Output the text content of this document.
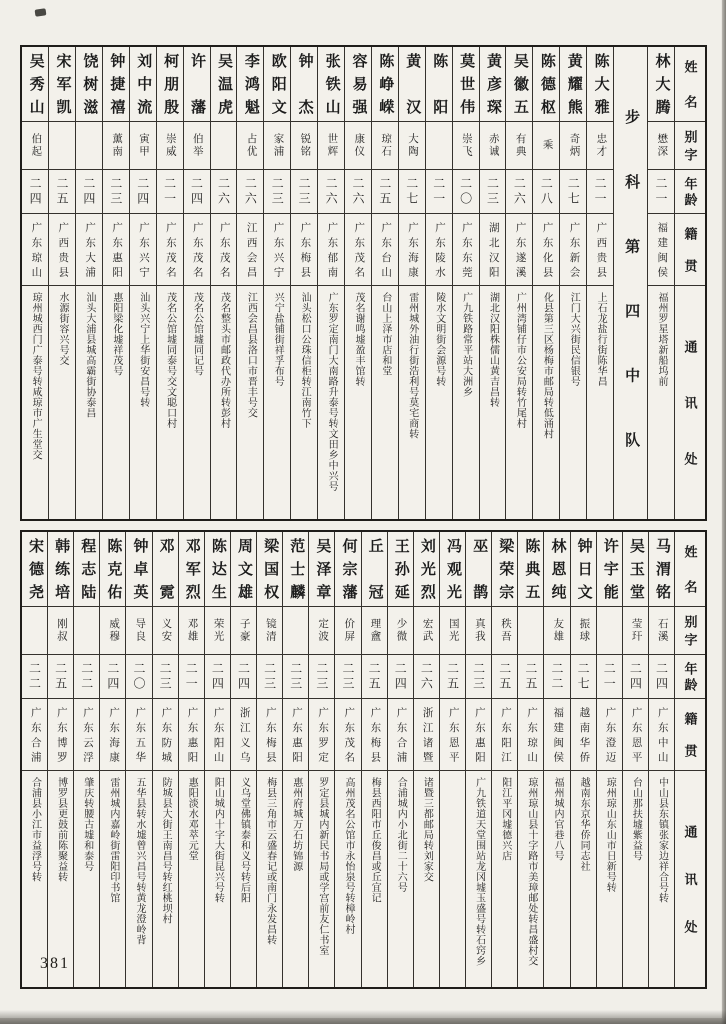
姓名
别字
年龄
籍贯
通讯处
林大腾
懋深
二一
福建闽侯
福州罗星塔新船坞前
步科第四中队
陈大雅
忠才
二一
广西贵县
上石龙盐行街陈华昌
黄耀熊
奇炳
二七
广东新会
江门大兴街民信银号
陈德枢
乘
二八
广东化县
化县第三区杨梅市邮局转低涌村
吴徽五
有典
二六
广东遂溪
广州湾铺仔市公安局转竹尾村
黄彦琛
赤诚
二三
湖北汉阳
湖北汉阳株儒山黄吉昌转
莫世伟
崇飞
二〇
广东东莞
广九铁路常平站大洲乡
陈阳
二一
广东陵水
陵水文明街会源号转
黄汉
大陶
二七
广东海康
雷州城外油行街浩利号莫宅商转
陈峥嵘
琼石
二五
广东台山
台山上泽市店和堂
容易强
康仪
二六
广东茂名
茂名谢鸣墟盈丰馆转
张铁山
世辉
二六
广东郁南
广东罗定南门大南路升泰号转文田乡中兴号
钟杰
锐铭
二三
广东梅县
汕头松口公珠信柜转江南竹下
欧阳文
家浦
二三
广东兴宁
兴宁盐铺街祥孚布号
李鸿魁
占优
二六
江西会昌
江西会昌县洛口市晋丰号交
吴温虎
二六
广东茂名
茂名整头市邮政代办所转彭村
许藩
伯举
二四
广东茂名
茂名公馆墟同记号
柯朋殷
崇威
二一
广东茂名
茂名公馆墟同泰号交文聪口村
刘中流
寅甲
二四
广东兴宁
汕头兴宁上华街安昌号转
钟捷禧
薰南
二三
广东惠阳
惠阳梁化墟祥茂号
饶树滋
二四
广东大浦
汕头大浦县城高霸街协泰昌
宋军凯
二五
广西贵县
水源街容兴号交
吴秀山
伯起
二四
广东琼山
琼州城西门广泰号转咸琼市广生堂交
姓名
别字
年龄
籍贯
通讯处
马渭铭
石溪
二四
广东中山
中山县东镇张家边祥合号转
吴玉堂
莹玕
二四
广东恩平
台山那扶墟紫益号
许宇能
二一
广东澄迈
琼州琼山东山市日新号转
钟日文
振球
二七
越南华侨
越南东京华侨同志社
林恩纯
友雄
二二
福建闽侯
福州城内官巷八号
陈典五
二五
广东琼山
琼州琼山县十字路市美璋邮处转昌盛村交
梁荣宗
秩吾
二五
广东阳江
阳江平冈墟德兴店
巫鹊
真我
二三
广东惠阳
广九铁道天堂围站龙冈墟玉盛号转石窍乡
冯观光
国光
二五
广东恩平
刘光烈
宏武
二六
浙江诸暨
诸暨三都邮局转刘家交
王孙延
少微
二四
广东合浦
合浦城内小北街二十六号
丘冠
理盦
二五
广东梅县
梅县西阳市丘俊昌或丘宜记
何宗藩
价屏
二三
广东茂名
高州茂名公馆市永怡泉号转樟岭村
吴泽章
定波
二三
广东罗定
罗定县城内新民书局或学宫前友仁书室
范士麟
二三
广东惠阳
惠州府城万石坊锦源
梁国权
镜清
二三
广东梅县
梅县三角市云盛春记或南门永发昌转
周文雄
子豪
二四
浙江义乌
义乌堂佛镇泰和义号转后阳
陈达生
荣光
二四
广东阳山
阳山城内十字大街昆兴号转
邓军烈
邓雄
二一
广东惠阳
惠阳淡水邓萃元堂
邓霓
义安
二三
广东防城
防城县大街王南昌号转红桃坝村
钟卓英
导良
二〇
广东五华
五华县转水墟曾兴昌号转黄龙澄岭背
陈克佑
威穆
二四
广东海康
雷州城内嘉岭街雷阳印书馆
程志陆
二二
广东云浮
肇庆转腰古墟和泰号
韩练培
刚叔
二五
广东博罗
博罗县更鼓前陈聚益转
宋德尧
二二
广东合浦
合浦县小江市益浮号转
381
